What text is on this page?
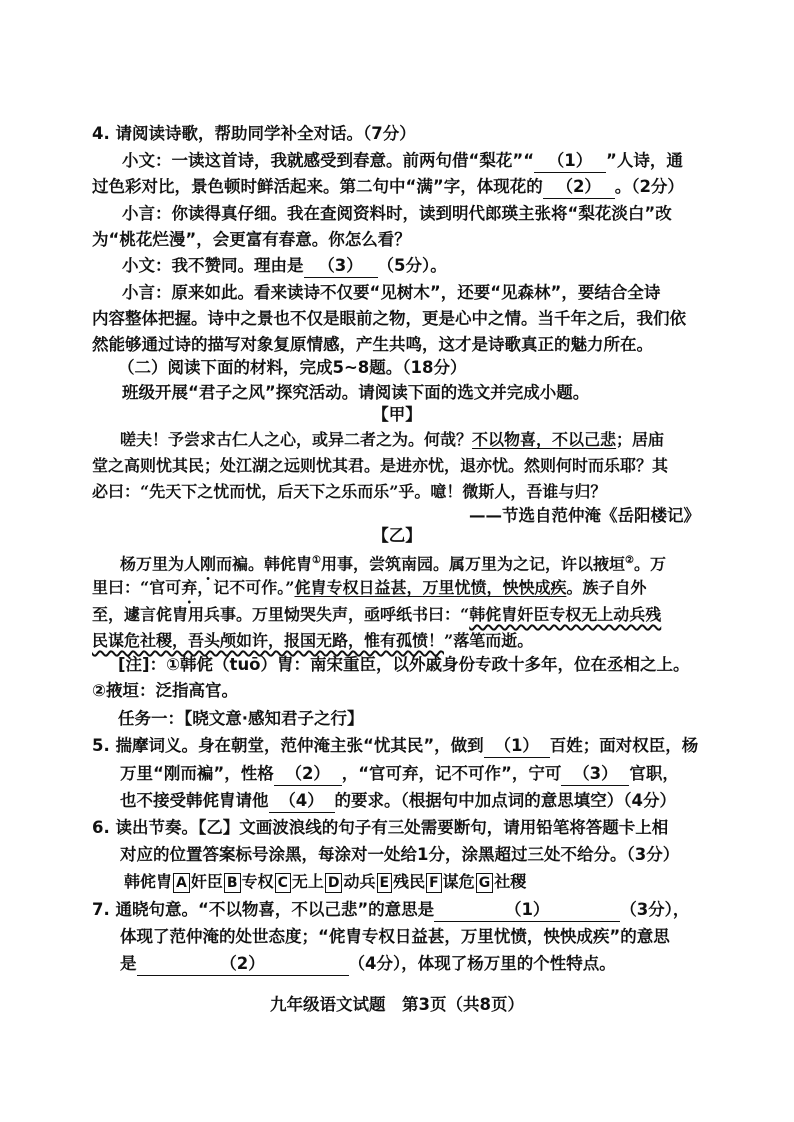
4. 请阅读诗歌，帮助同学补全对话。（7分）
小文：一读这首诗，我就感受到春意。前两句借“梨花”“ （1） ”人诗，通
过色彩对比，景色顿时鲜活起来。第二句中“满”字，体现花的 （2） 。（2分）
小言：你读得真仔细。我在查阅资料时，读到明代郎瑛主张将“梨花淡白”改
为“桃花烂漫”，会更富有春意。你怎么看？
小文：我不赞同。理由是 （3） （5分）。
小言：原来如此。看来读诗不仅要“见树木”，还要“见森林”，要结合全诗
内容整体把握。诗中之景也不仅是眼前之物，更是心中之情。当千年之后，我们依
然能够通过诗的描写对象复原情感，产生共鸣，这才是诗歌真正的魅力所在。
（二）阅读下面的材料，完成5~8题。（18分）
班级开展“君子之风”探究活动。请阅读下面的选文并完成小题。
【甲】
嗟夫！予尝求古仁人之心，或异二者之为。何哉？不以物喜，不以己悲；居庙
堂之高则忧其民；处江湖之远则忧其君。是进亦忧，退亦忧。然则何时而乐耶？其
必曰：“先天下之忧而忧，后天下之乐而乐”乎。噫！微斯人，吾谁与归？
——节选自范仲淹《岳阳楼记》
【乙】
杨万里为人刚而褊。韩侂胄①用事，尝筑南园。属万里为之记，许以掖垣②。万
里曰：“官可弃，记不可作。”侂胄专权日益甚，万里忧愤，怏怏成疾。族子自外
至，遽言侂胄用兵事。万里恸哭失声，亟呼纸书曰：“韩侂胄奸臣专权无上动兵残
民谋危社稷，吾头颅如许，报国无路，惟有孤愤！”落笔而逝。
[注]：①韩侂（tuō）胄：南宋重臣，以外戚身份专政十多年，位在丞相之上。
②掖垣：泛指高官。
任务一：【晓文意·感知君子之行】
5. 揣摩词义。身在朝堂，范仲淹主张“忧其民”，做到 （1） 百姓；面对权臣，杨
万里“刚而褊”，性格 （2） ，“官可弃，记不可作”，宁可 （3） 官职，
也不接受韩侂胄请他 （4） 的要求。（根据句中加点词的意思填空）（4分）
6. 读出节奏。【乙】文画波浪线的句子有三处需要断句，请用铅笔将答题卡上相
对应的位置答案标号涂黑，每涂对一处给1分，涂黑超过三处不给分。（3分）
韩侂胄 A 奸臣 B 专权 C 无上 D 动兵 E 残民 F 谋危 G 社稷
7. 通晓句意。“不以物喜，不以己悲”的意思是	（1）	（3分），
体现了范仲淹的处世态度；“侂胄专权日益甚，万里忧愤，怏怏成疾”的意思
是	（2）	（4分），体现了杨万里的个性特点。
九年级语文试题　第3页（共8页）
